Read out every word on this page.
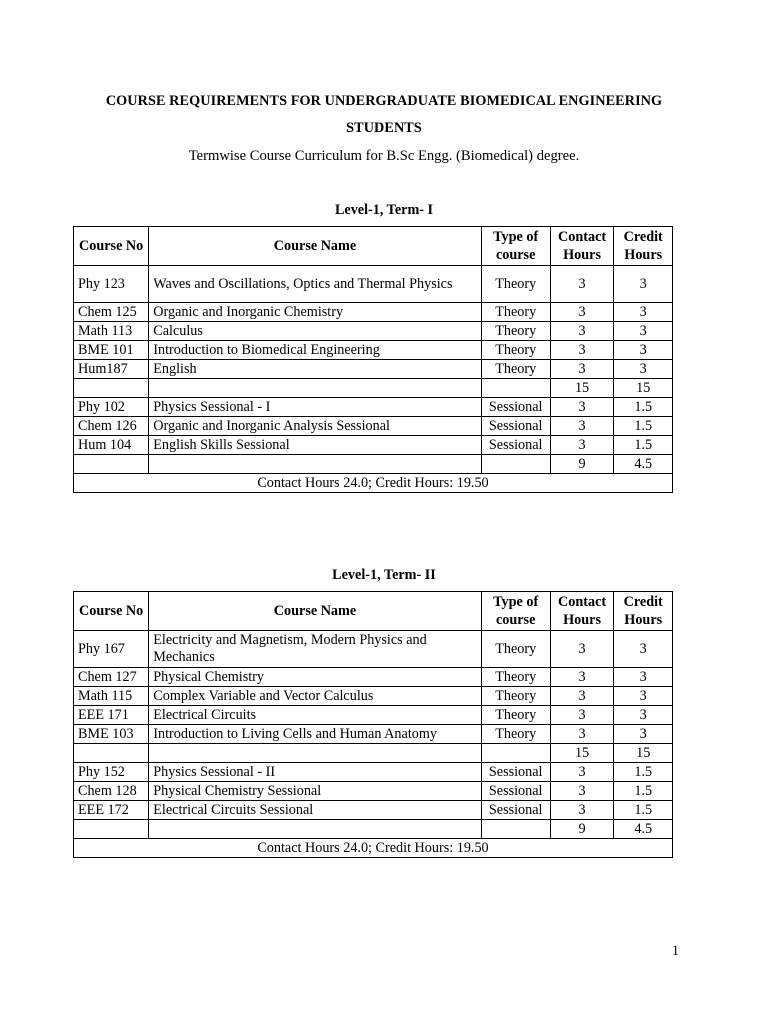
COURSE REQUIREMENTS FOR UNDERGRADUATE BIOMEDICAL ENGINEERING
STUDENTS
Termwise Course Curriculum for B.Sc Engg. (Biomedical) degree.
Level-1, Term- I
Course No	Course Name	Type of course	Contact Hours	Credit Hours
Phy 123	Waves and Oscillations, Optics and Thermal Physics	Theory	3	3
Chem 125	Organic and Inorganic Chemistry	Theory	3	3
Math 113	Calculus	Theory	3	3
BME 101	Introduction to Biomedical Engineering	Theory	3	3
Hum187	English	Theory	3	3
			15	15
Phy 102	Physics Sessional - I	Sessional	3	1.5
Chem 126	Organic and Inorganic Analysis Sessional	Sessional	3	1.5
Hum 104	English Skills Sessional	Sessional	3	1.5
			9	4.5
Contact Hours 24.0; Credit Hours: 19.50				
Level-1, Term- II
Course No	Course Name	Type of course	Contact Hours	Credit Hours
Phy 167	Electricity and Magnetism, Modern Physics and Mechanics	Theory	3	3
Chem 127	Physical Chemistry	Theory	3	3
Math 115	Complex Variable and Vector Calculus	Theory	3	3
EEE 171	Electrical Circuits	Theory	3	3
BME 103	Introduction to Living Cells and Human Anatomy	Theory	3	3
			15	15
Phy 152	Physics Sessional - II	Sessional	3	1.5
Chem 128	Physical Chemistry Sessional	Sessional	3	1.5
EEE 172	Electrical Circuits Sessional	Sessional	3	1.5
			9	4.5
Contact Hours 24.0; Credit Hours: 19.50				
1
